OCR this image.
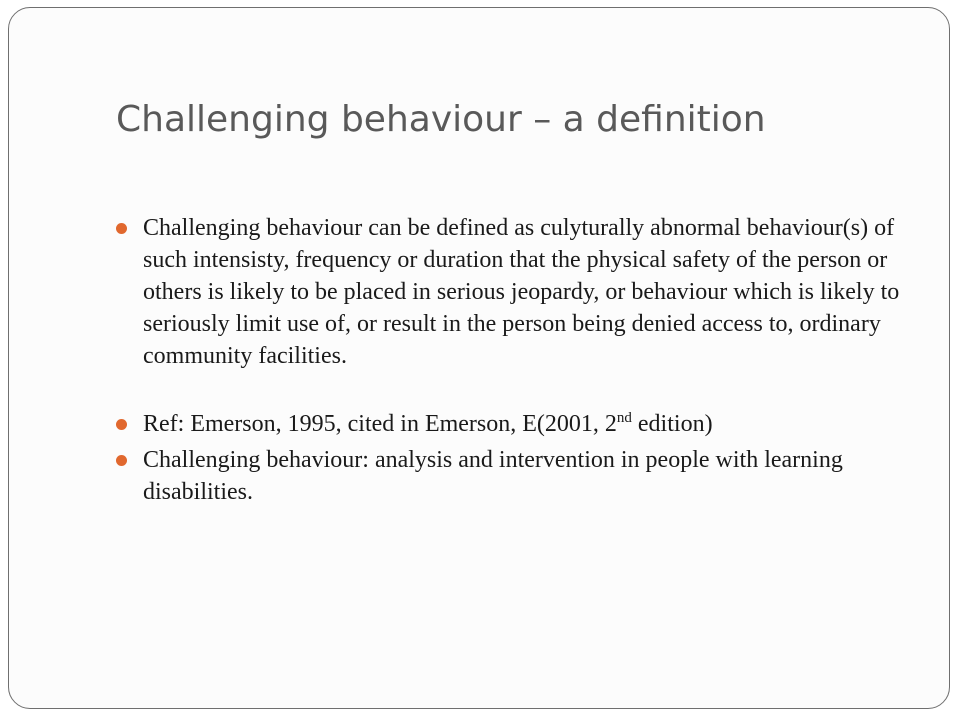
Challenging behaviour – a definition
Challenging behaviour can be defined as culyturally abnormal behaviour(s) of such intensisty, frequency or duration that the physical safety of the person or others is likely to be placed in serious jeopardy, or behaviour which is likely to seriously limit use of, or result in the person being denied access to, ordinary community facilities.
Ref: Emerson, 1995, cited in Emerson, E(2001, 2nd edition)
Challenging behaviour: analysis and intervention in people with learning disabilities.
